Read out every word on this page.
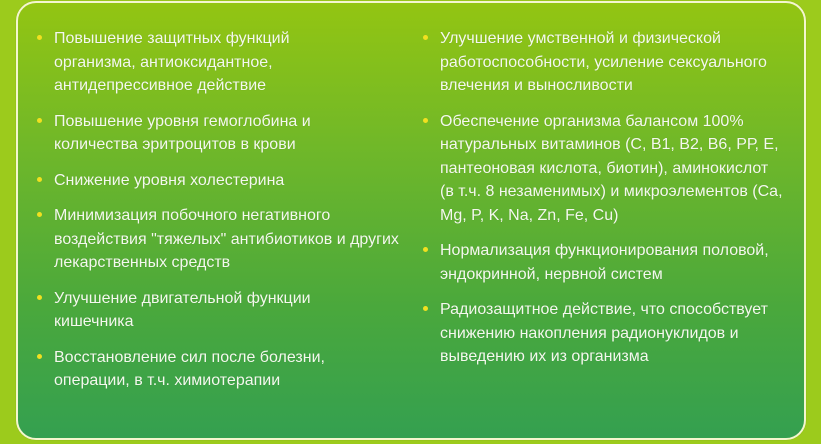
Повышение защитных функций организма, антиоксидантное, антидепрессивное действие
Повышение уровня гемоглобина и количества эритроцитов в крови
Снижение уровня холестерина
Минимизация побочного негативного воздействия "тяжелых" антибиотиков и других лекарственных средств
Улучшение двигательной функции кишечника
Восстановление сил после болезни, операции, в т.ч. химиотерапии
Улучшение умственной и физической работоспособности, усиление сексуального влечения и выносливости
Обеспечение организма балансом 100% натуральных витаминов (С, В1, В2, В6, РР, Е, пантеоновая кислота, биотин), аминокислот (в т.ч. 8 незаменимых) и микроэлементов (Ca, Mg, P, K, Na, Zn, Fe, Cu)
Нормализация функционирования половой, эндокринной, нервной систем
Радиозащитное действие, что способствует снижению накопления радионуклидов и выведению их из организма
